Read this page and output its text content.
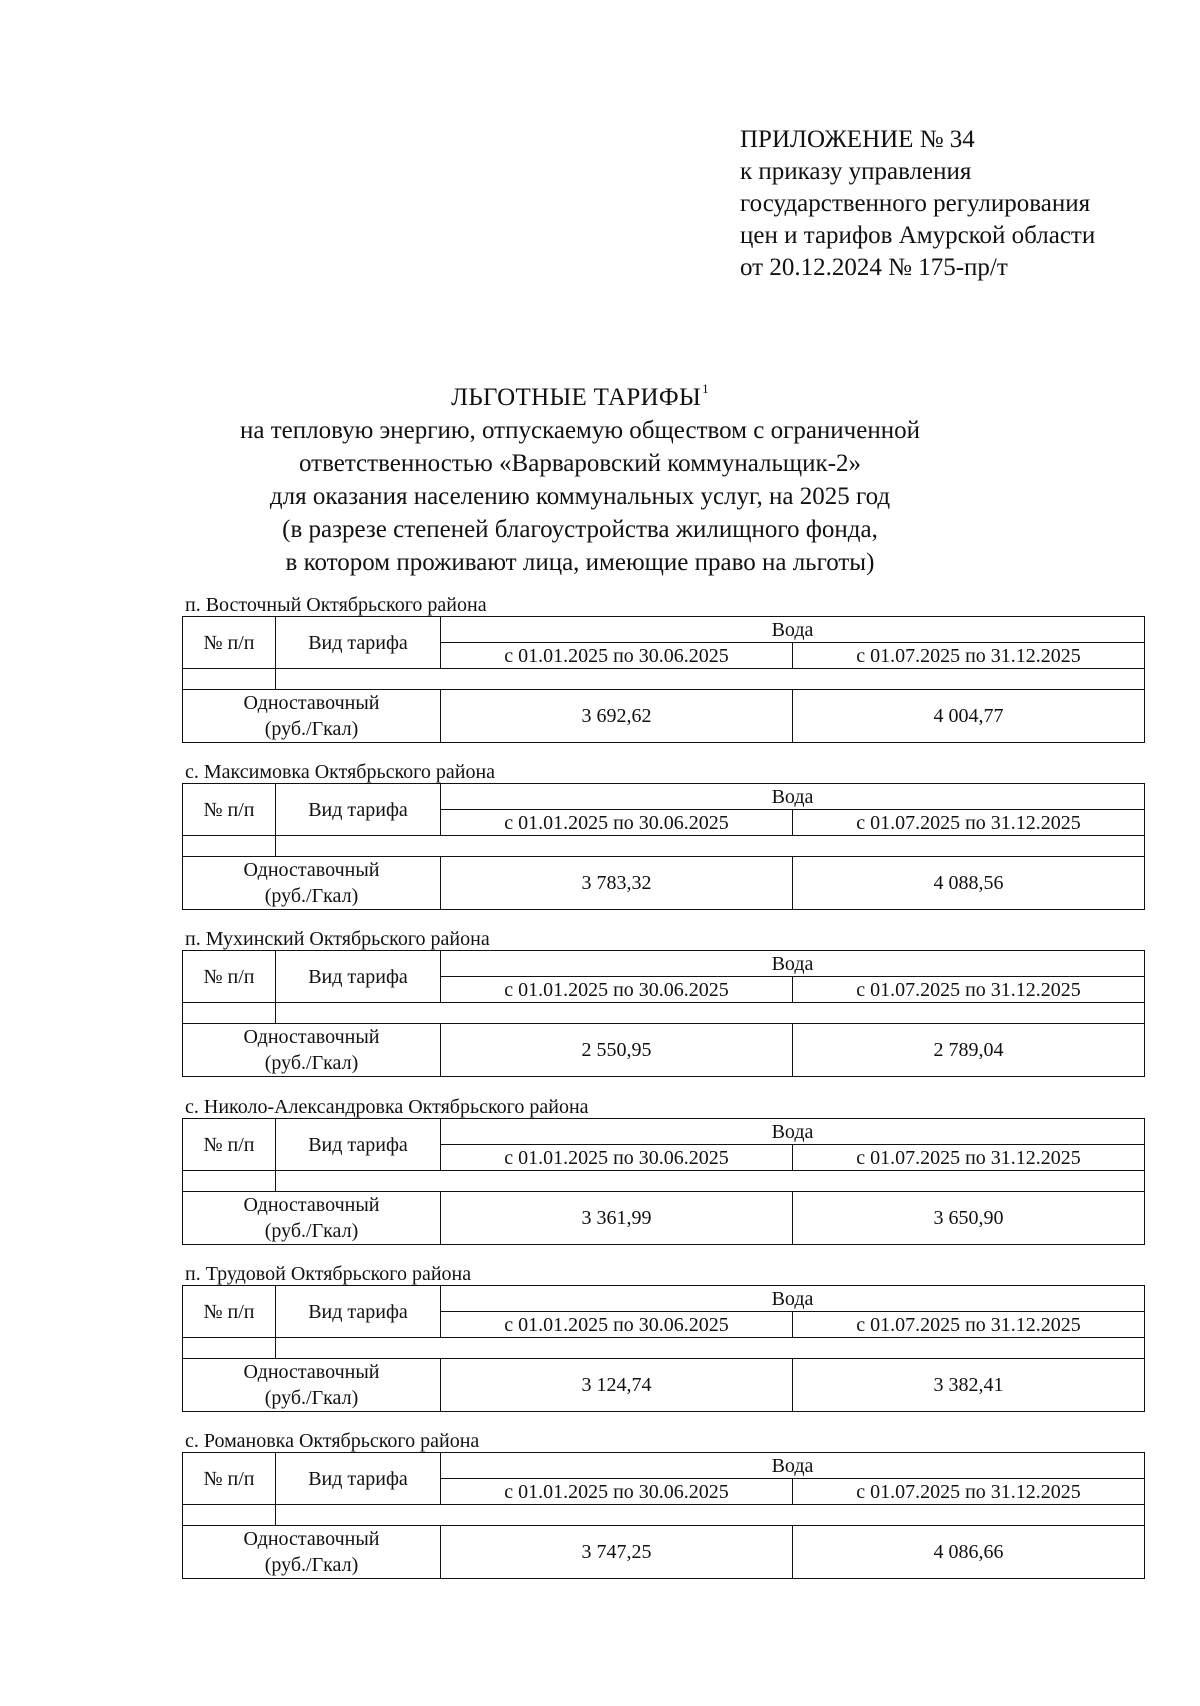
ПРИЛОЖЕНИЕ № 34
к приказу управления
государственного регулирования
цен и тарифов Амурской области
от 20.12.2024 № 175-пр/т
ЛЬГОТНЫЕ ТАРИФЫ$^1$
на тепловую энергию, отпускаемую обществом с ограниченной
ответственностью «Варваровский коммунальщик-2»
для оказания населению коммунальных услуг, на 2025 год
(в разрезе степеней благоустройства жилищного фонда,
в котором проживают лица, имеющие право на льготы)
п. Восточный Октябрьского района
№ п/п	Вид тарифа	Вода	
		с 01.01.2025 по 30.06.2025	с 01.07.2025 по 31.12.2025

Одноставочный
(руб./Гкал)		3 692,62	4 004,77
с. Максимовка Октябрьского района
№ п/п	Вид тарифа	Вода	
		с 01.01.2025 по 30.06.2025	с 01.07.2025 по 31.12.2025

Одноставочный
(руб./Гкал)		3 783,32	4 088,56
п. Мухинский Октябрьского района
№ п/п	Вид тарифа	Вода	
		с 01.01.2025 по 30.06.2025	с 01.07.2025 по 31.12.2025

Одноставочный
(руб./Гкал)		2 550,95	2 789,04
с. Николо-Александровка Октябрьского района
№ п/п	Вид тарифа	Вода	
		с 01.01.2025 по 30.06.2025	с 01.07.2025 по 31.12.2025

Одноставочный
(руб./Гкал)		3 361,99	3 650,90
п. Трудовой Октябрьского района
№ п/п	Вид тарифа	Вода	
		с 01.01.2025 по 30.06.2025	с 01.07.2025 по 31.12.2025

Одноставочный
(руб./Гкал)		3 124,74	3 382,41
с. Романовка Октябрьского района
№ п/п	Вид тарифа	Вода	
		с 01.01.2025 по 30.06.2025	с 01.07.2025 по 31.12.2025

Одноставочный
(руб./Гкал)		3 747,25	4 086,66
